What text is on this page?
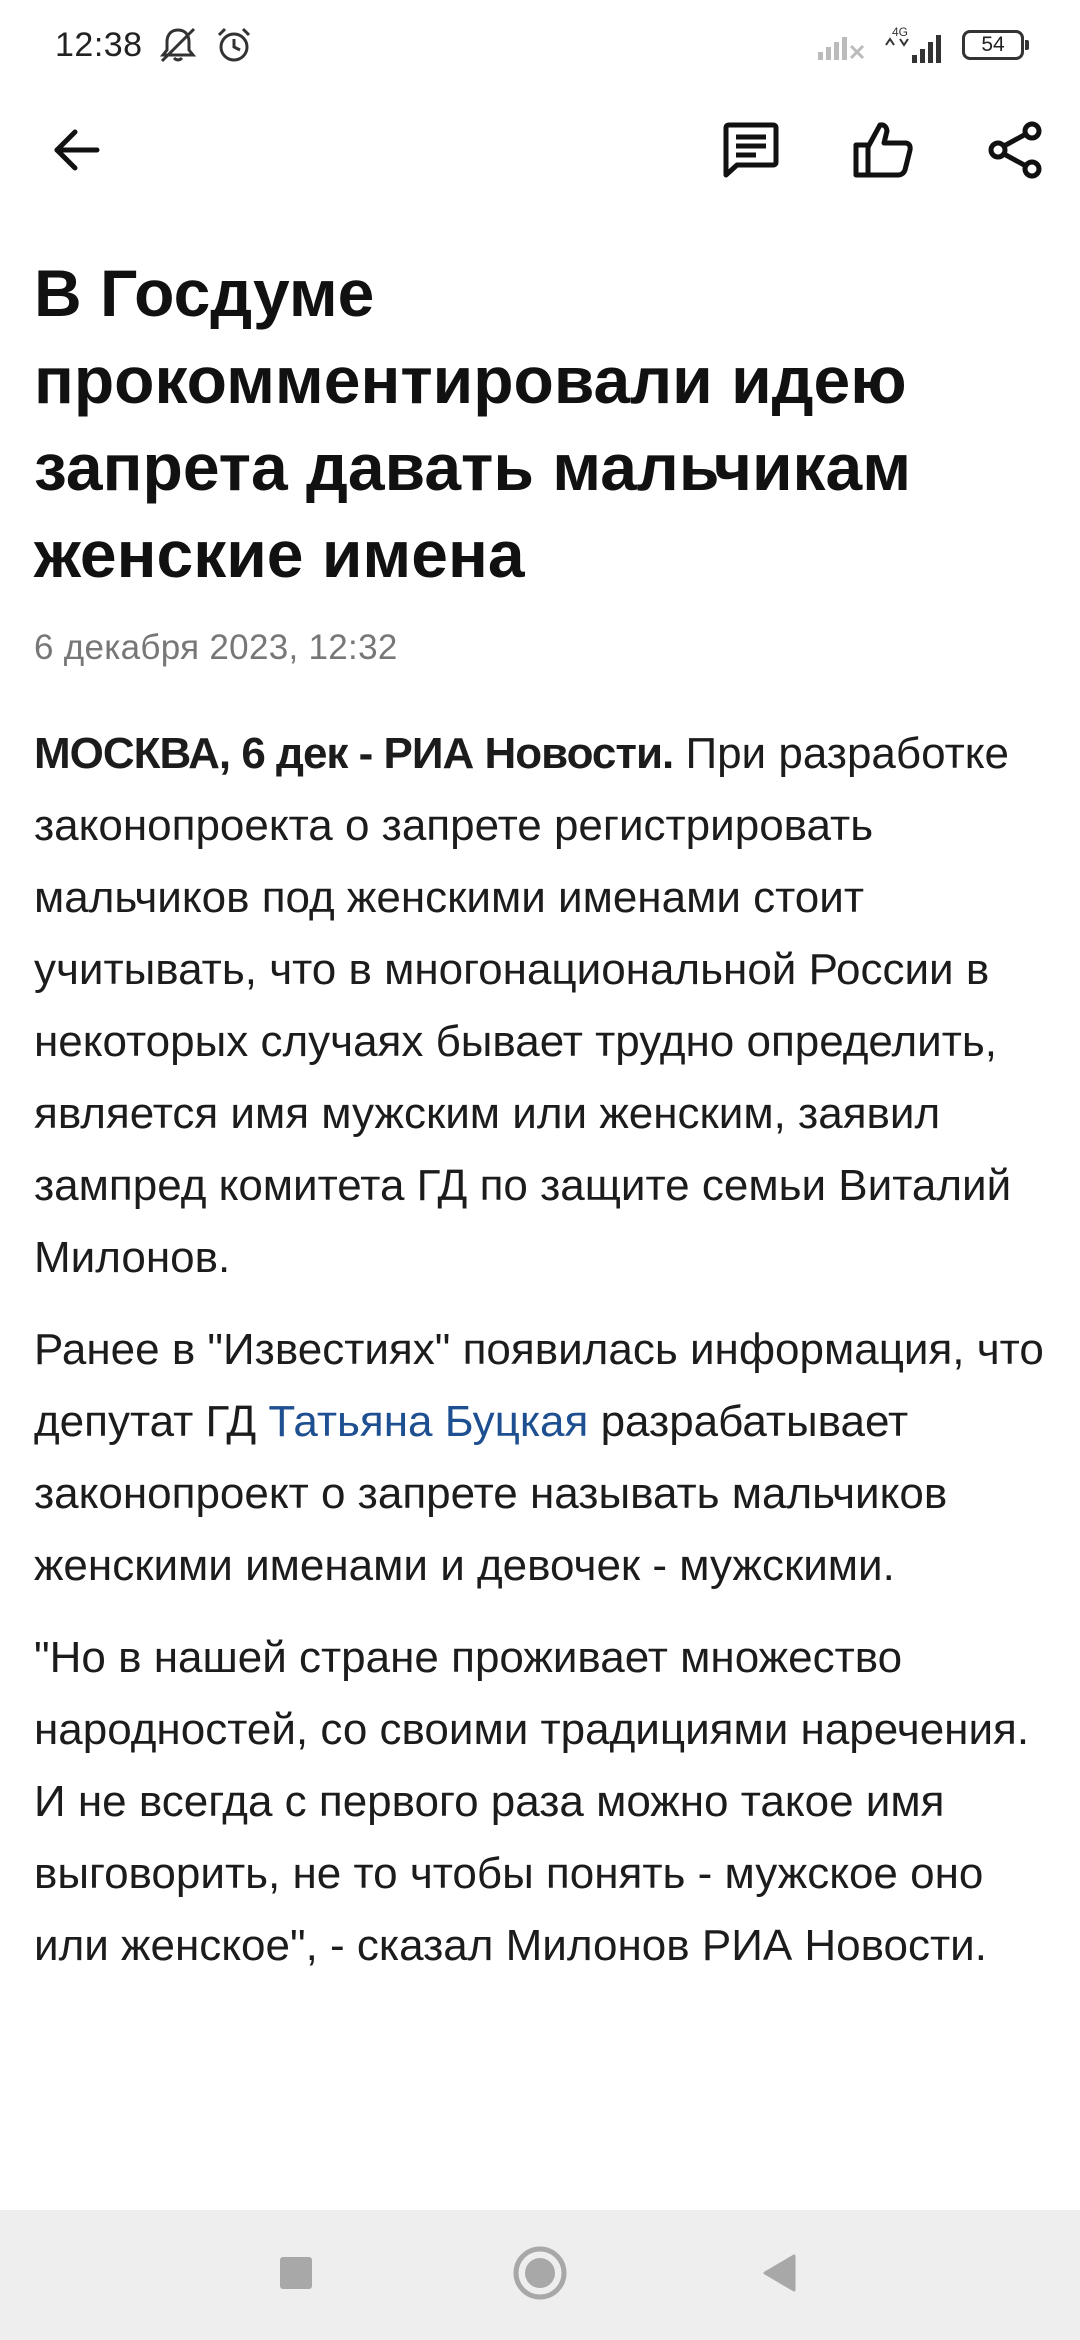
12:38	4G
54
В Госдуме прокомментировали идею запрета давать мальчикам женские имена
6 декабря 2023, 12:32

МОСКВА, 6 дек - РИА Новости. При разработке законопроекта о запрете регистрировать мальчиков под женскими именами стоит учитывать, что в многонациональной России в некоторых случаях бывает трудно определить, является имя мужским или женским, заявил зампред комитета ГД по защите семьи Виталий Милонов.

Ранее в "Известиях" появилась информация, что депутат ГД Татьяна Буцкая разрабатывает законопроект о запрете называть мальчиков женскими именами и девочек - мужскими.

"Но в нашей стране проживает множество народностей, со своими традициями наречения. И не всегда с первого раза можно такое имя выговорить, не то чтобы понять - мужское оно или женское", - сказал Милонов РИА Новости.
